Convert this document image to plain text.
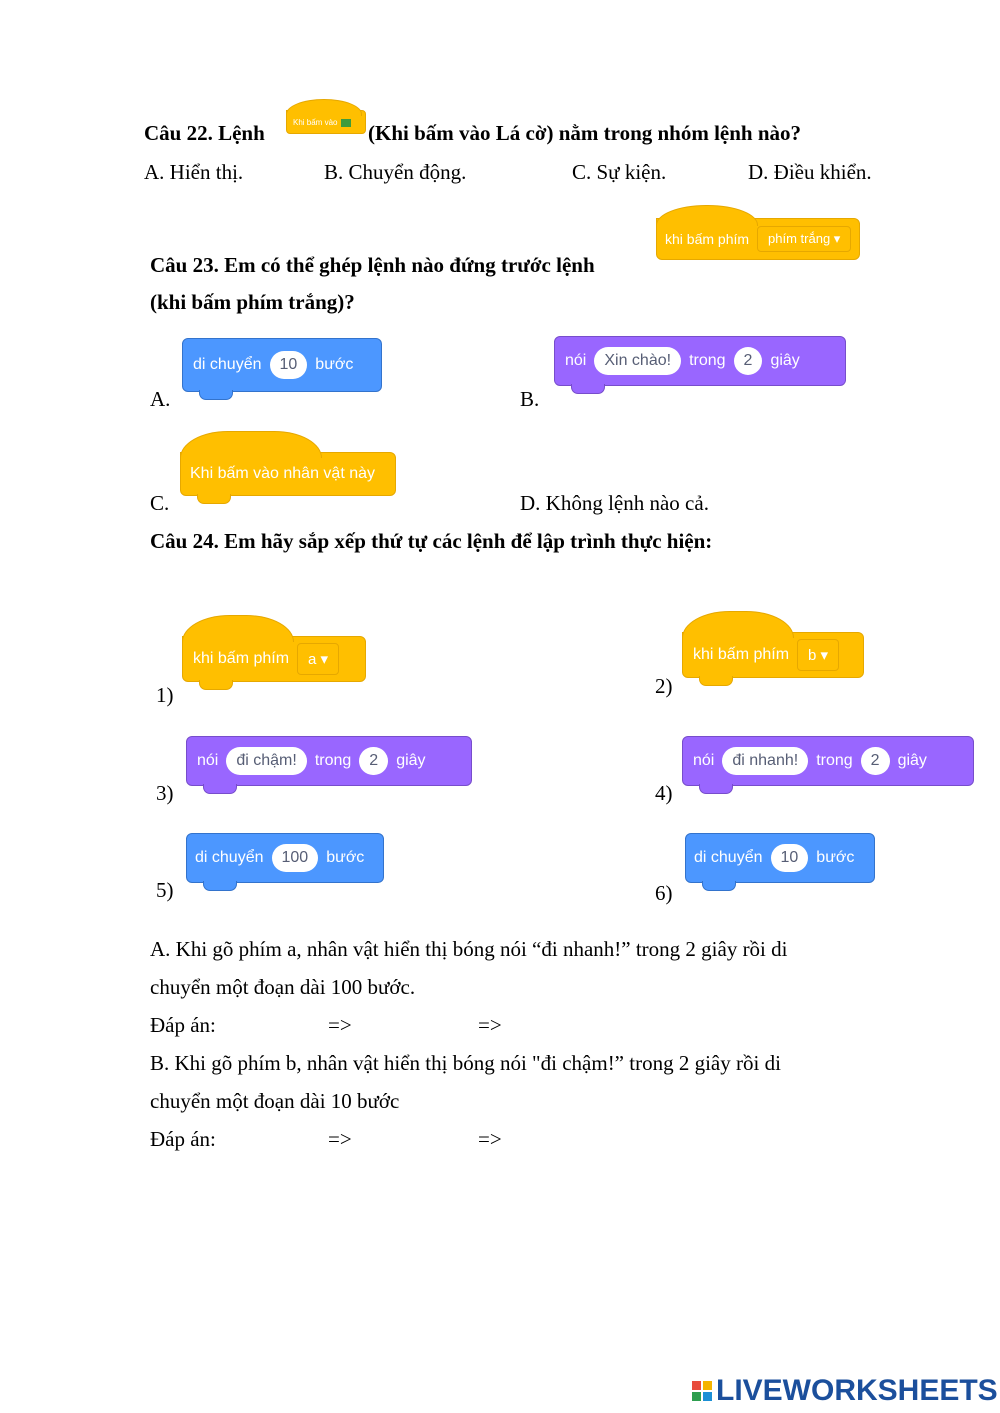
Câu 22. Lệnh	Khi bấm vào (Khi bấm vào Lá cờ) nằm trong nhóm lệnh nào?
A. Hiển thị.	B. Chuyển động.	C. Sự kiện.	D. Điều khiển.
Câu 23. Em có thể ghép lệnh nào đứng trước lệnh
khi bấm phím	phím trắng ▾
(khi bấm phím trắng)?
A.
di chuyển	10	bước
B.
nói	Xin chào!	trong	2	giây
C.
Khi bấm vào nhân vật này
D. Không lệnh nào cả.
Câu 24. Em hãy sắp xếp thứ tự các lệnh để lập trình thực hiện:
1)
khi bấm phím	a ▾
2)
khi bấm phím	b ▾
3)
nói	đi chậm!	trong	2	giây
4)
nói	đi nhanh!	trong	2	giây
5)
di chuyển	100	bước
6)
di chuyển	10	bước
A. Khi gõ phím a, nhân vật hiển thị bóng nói “đi nhanh!” trong 2 giây rồi di
chuyển một đoạn dài 100 bước.
Đáp án:	=>	=>
B. Khi gõ phím b, nhân vật hiển thị bóng nói "đi chậm!” trong 2 giây rồi di
chuyển một đoạn dài 10 bước
Đáp án:	=>	=>
LIVEWORKSHEETS
